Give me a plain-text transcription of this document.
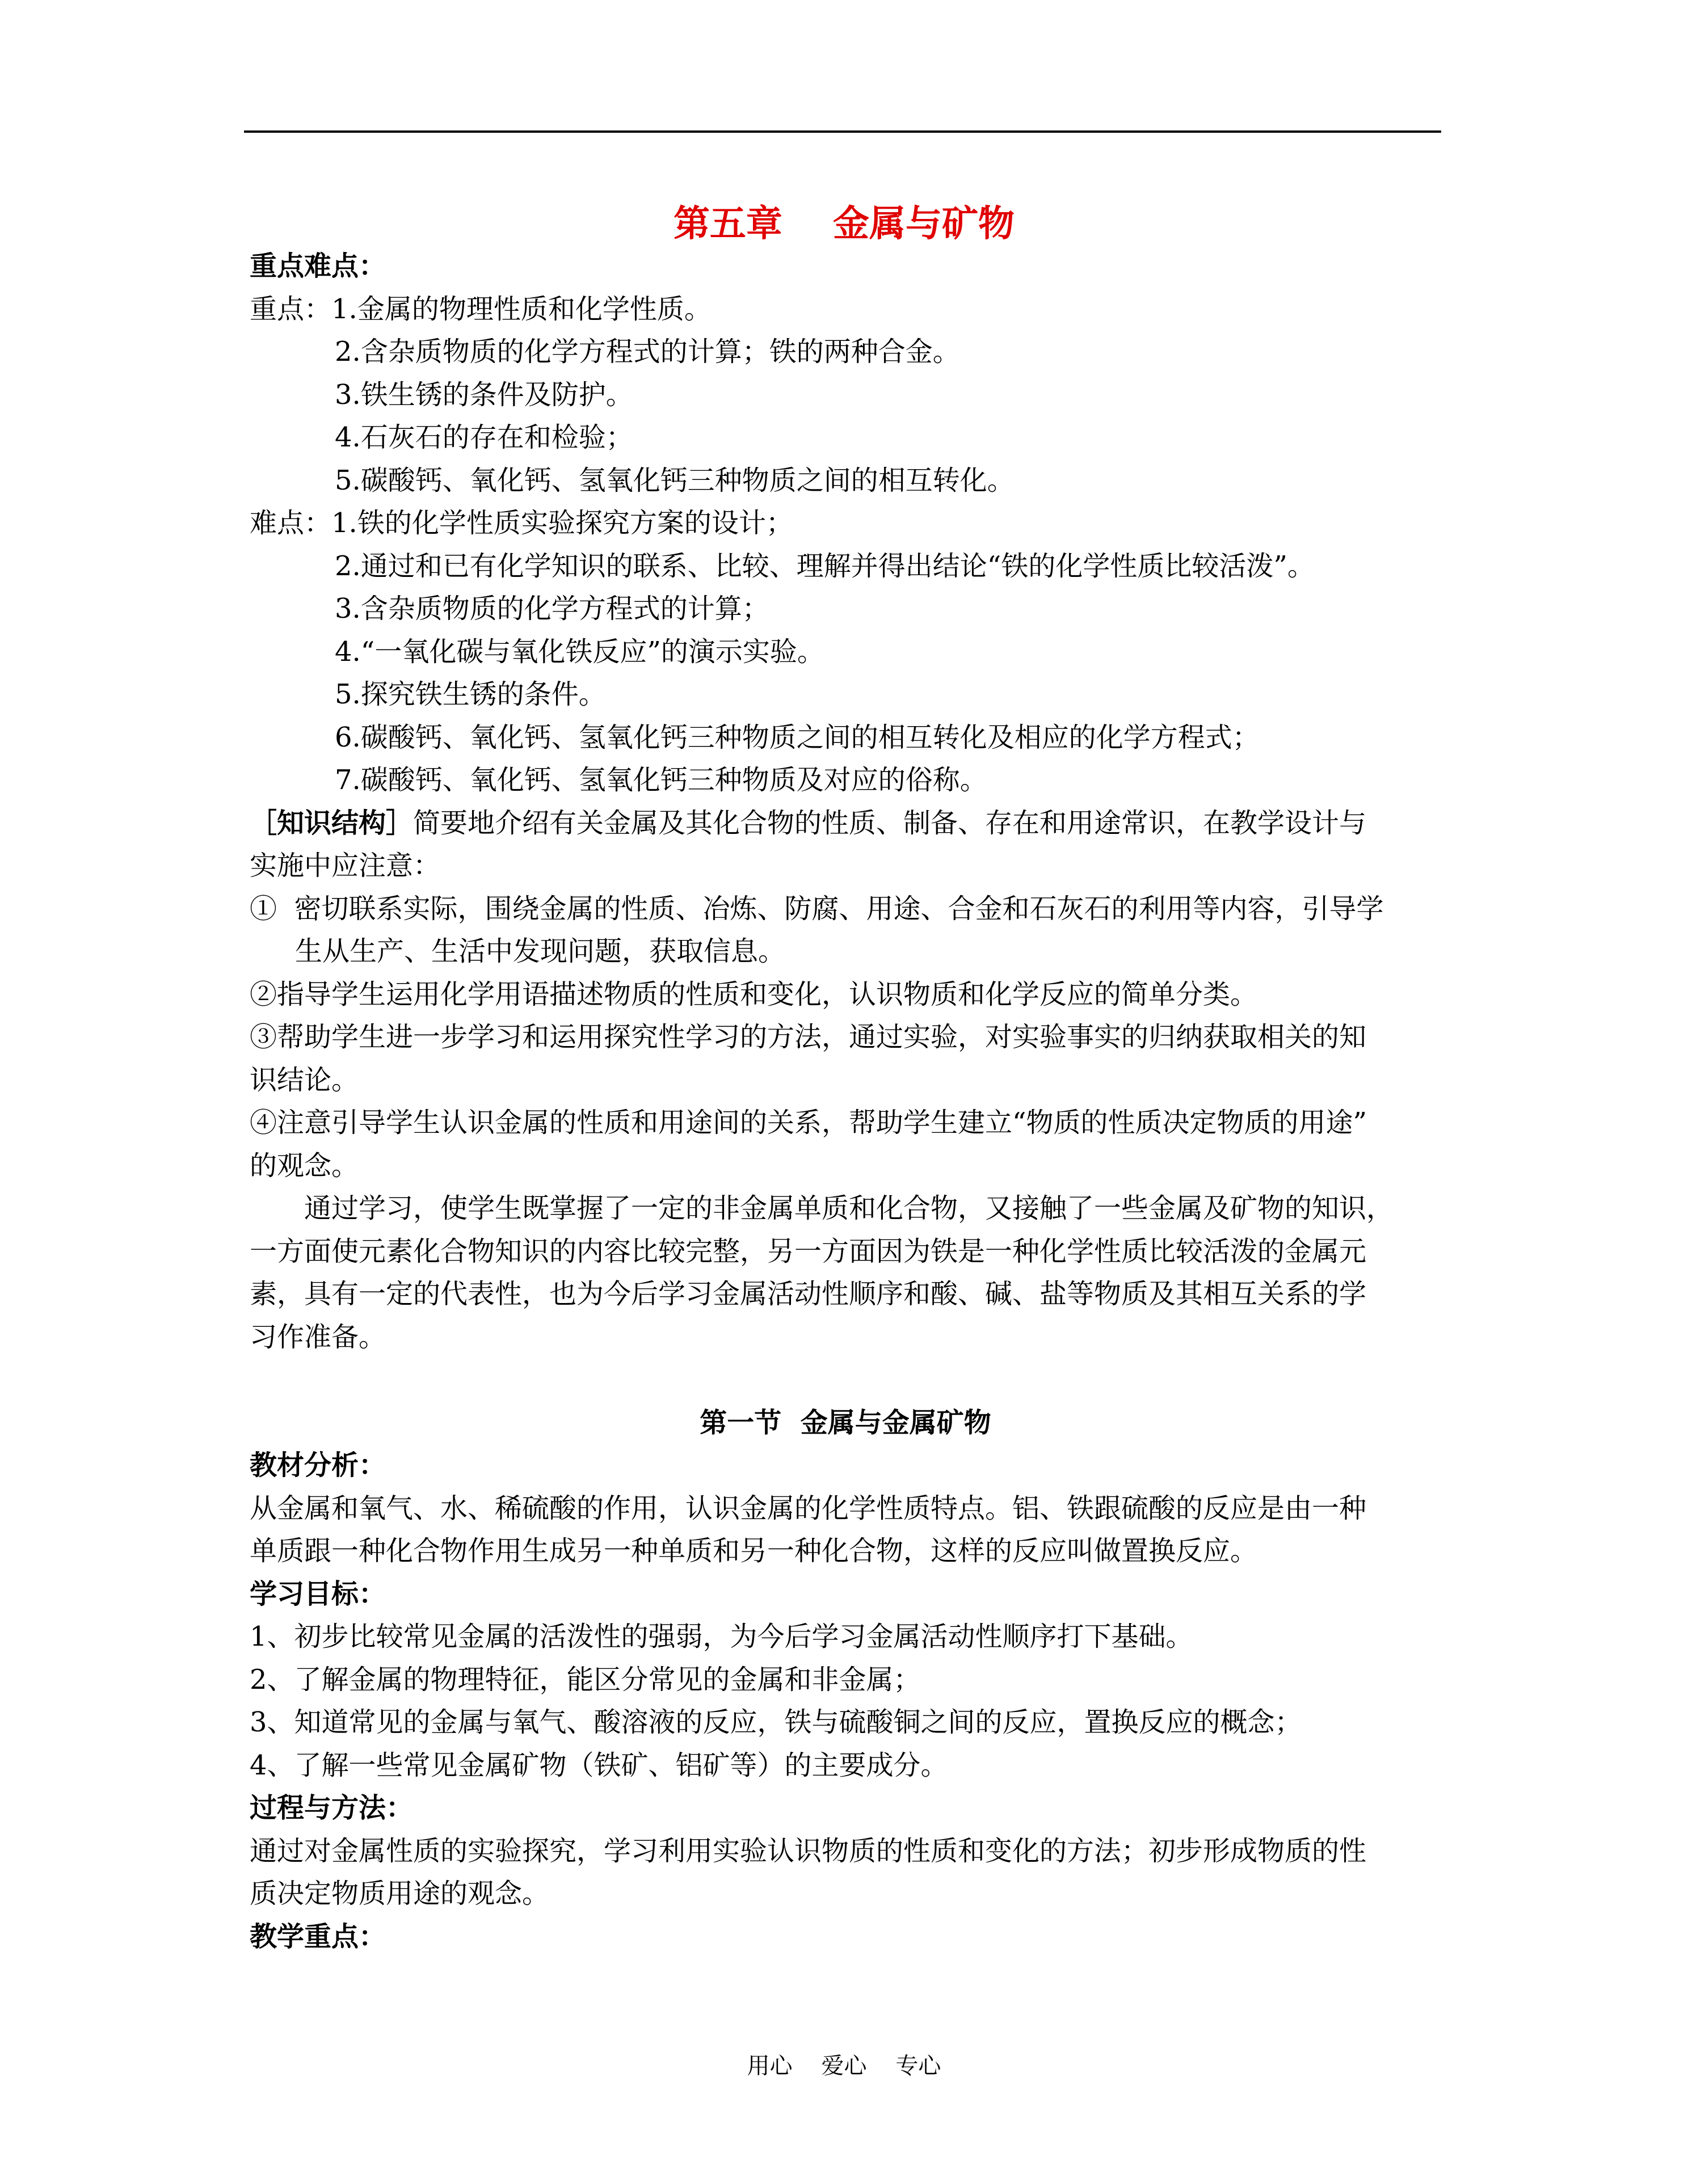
第五章    金属与矿物
重点难点：
重点：1.金属的物理性质和化学性质。
2.含杂质物质的化学方程式的计算；铁的两种合金。
3.铁生锈的条件及防护。
4.石灰石的存在和检验；
5.碳酸钙、氧化钙、氢氧化钙三种物质之间的相互转化。
难点：1.铁的化学性质实验探究方案的设计；
2.通过和已有化学知识的联系、比较、理解并得出结论“铁的化学性质比较活泼”。
3.含杂质物质的化学方程式的计算；
4.“一氧化碳与氧化铁反应”的演示实验。
5.探究铁生锈的条件。
6.碳酸钙、氧化钙、氢氧化钙三种物质之间的相互转化及相应的化学方程式；
7.碳酸钙、氧化钙、氢氧化钙三种物质及对应的俗称。
［知识结构］简要地介绍有关金属及其化合物的性质、制备、存在和用途常识，在教学设计与
实施中应注意：
①  密切联系实际，围绕金属的性质、冶炼、防腐、用途、合金和石灰石的利用等内容，引导学
生从生产、生活中发现问题，获取信息。
②指导学生运用化学用语描述物质的性质和变化，认识物质和化学反应的简单分类。
③帮助学生进一步学习和运用探究性学习的方法，通过实验，对实验事实的归纳获取相关的知
识结论。
④注意引导学生认识金属的性质和用途间的关系，帮助学生建立“物质的性质决定物质的用途”
的观念。
通过学习，使学生既掌握了一定的非金属单质和化合物，又接触了一些金属及矿物的知识，
一方面使元素化合物知识的内容比较完整，另一方面因为铁是一种化学性质比较活泼的金属元
素，具有一定的代表性，也为今后学习金属活动性顺序和酸、碱、盐等物质及其相互关系的学
习作准备。
第一节  金属与金属矿物
教材分析：
从金属和氧气、水、稀硫酸的作用，认识金属的化学性质特点。铝、铁跟硫酸的反应是由一种
单质跟一种化合物作用生成另一种单质和另一种化合物，这样的反应叫做置换反应。
学习目标：
1、初步比较常见金属的活泼性的强弱，为今后学习金属活动性顺序打下基础。
2、了解金属的物理特征，能区分常见的金属和非金属；
3、知道常见的金属与氧气、酸溶液的反应，铁与硫酸铜之间的反应，置换反应的概念；
4、了解一些常见金属矿物（铁矿、铝矿等）的主要成分。
过程与方法：
通过对金属性质的实验探究，学习利用实验认识物质的性质和变化的方法；初步形成物质的性
质决定物质用途的观念。
教学重点：
用心    爱心    专心
